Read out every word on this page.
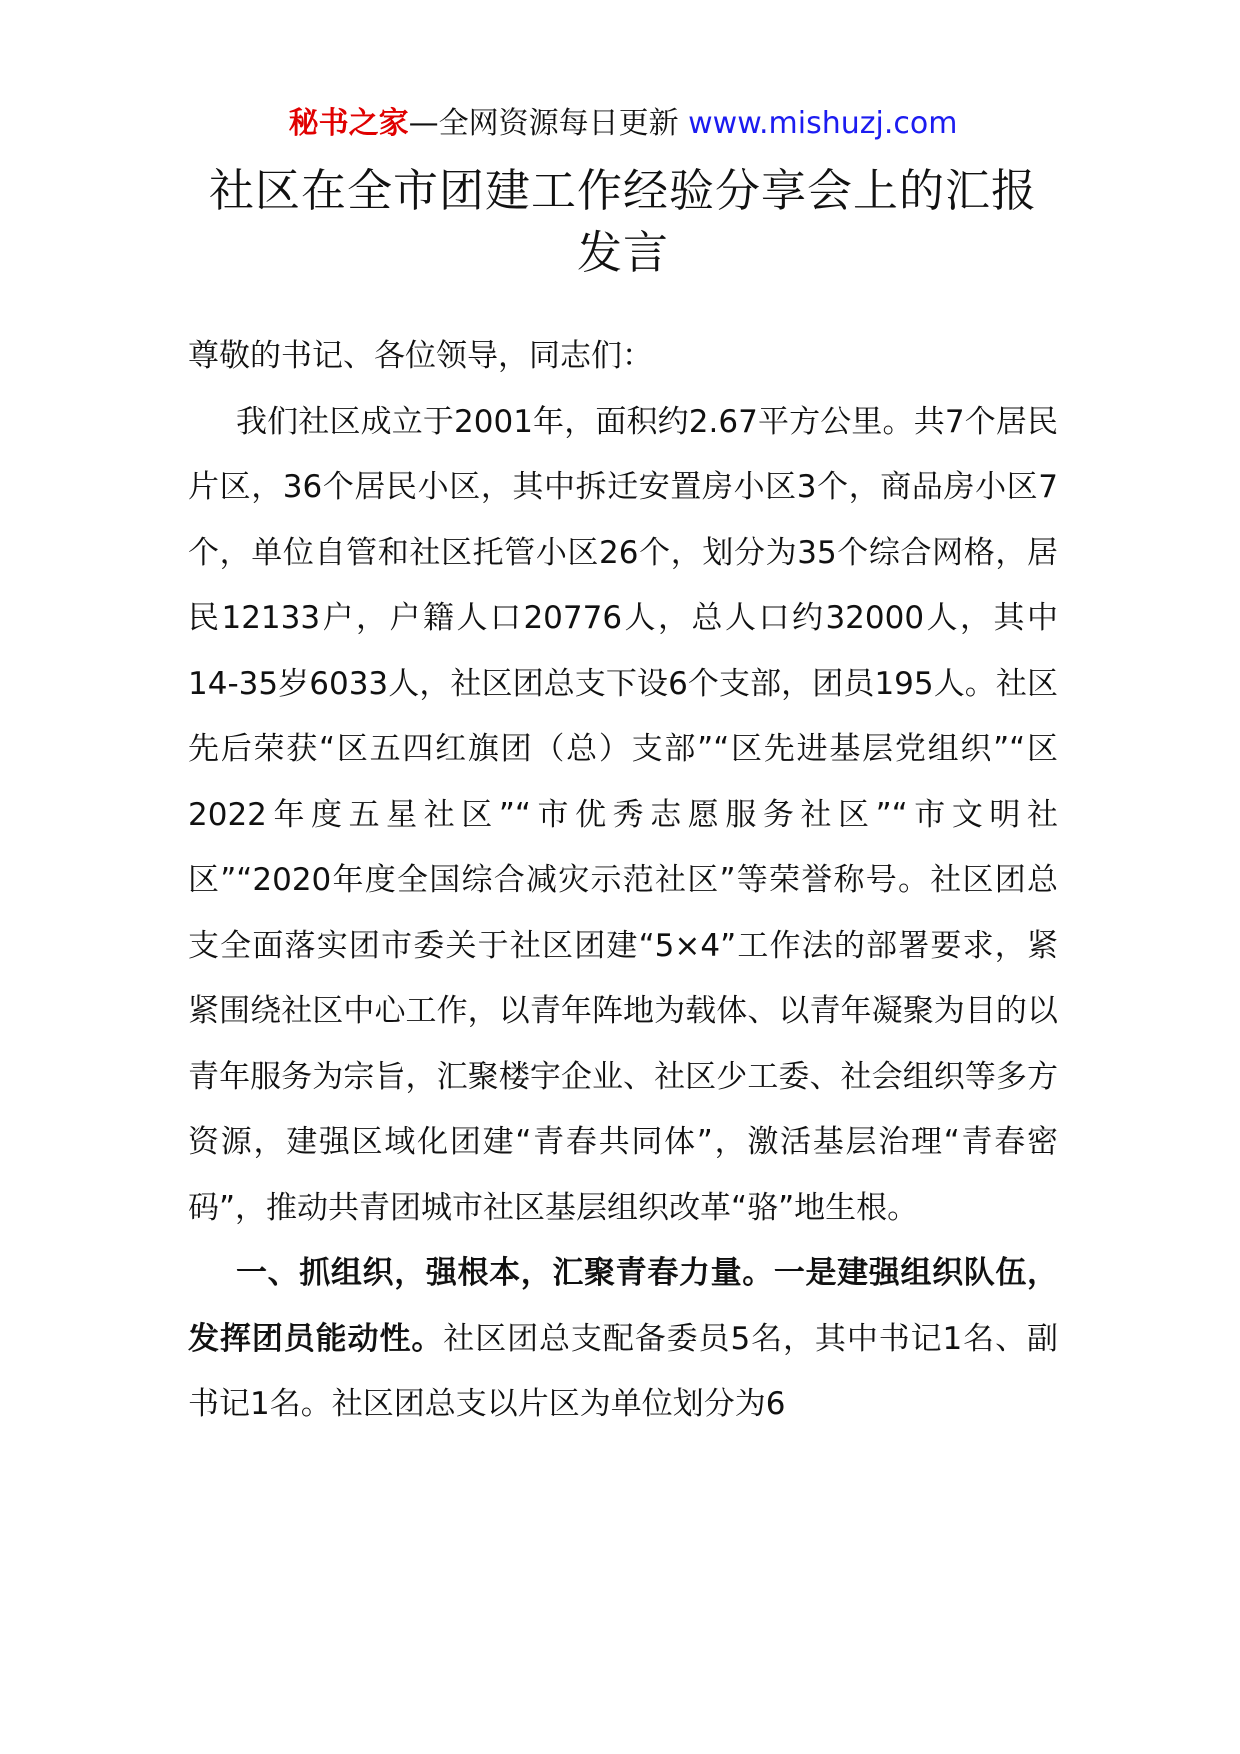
秘书之家—全网资源每日更新 www.mishuzj.com
社区在全市团建工作经验分享会上的汇报
发言

尊敬的书记、各位领导，同志们：

我们社区成立于2001年，面积约2.67平方公里。共7个居民片区，36个居民小区，其中拆迁安置房小区3个，商品房小区7个，单位自管和社区托管小区26个，划分为35个综合网格，居民12133户，户籍人口20776人，总人口约32000人，其中14-35岁6033人，社区团总支下设6个支部，团员195人。社区先后荣获“区五四红旗团（总）支部”“区先进基层党组织”“区2022年度五星社区”“市优秀志愿服务社区”“市文明社区”“2020年度全国综合减灾示范社区”等荣誉称号。社区团总支全面落实团市委关于社区团建“5×4”工作法的部署要求，紧紧围绕社区中心工作，以青年阵地为载体、以青年凝聚为目的以青年服务为宗旨，汇聚楼宇企业、社区少工委、社会组织等多方资源，建强区域化团建“青春共同体”，激活基层治理“青春密码”，推动共青团城市社区基层组织改革“骆”地生根。

一、抓组织，强根本，汇聚青春力量。一是建强组织队伍，发挥团员能动性。社区团总支配备委员5名，其中书记1名、副书记1名。社区团总支以片区为单位划分为6
